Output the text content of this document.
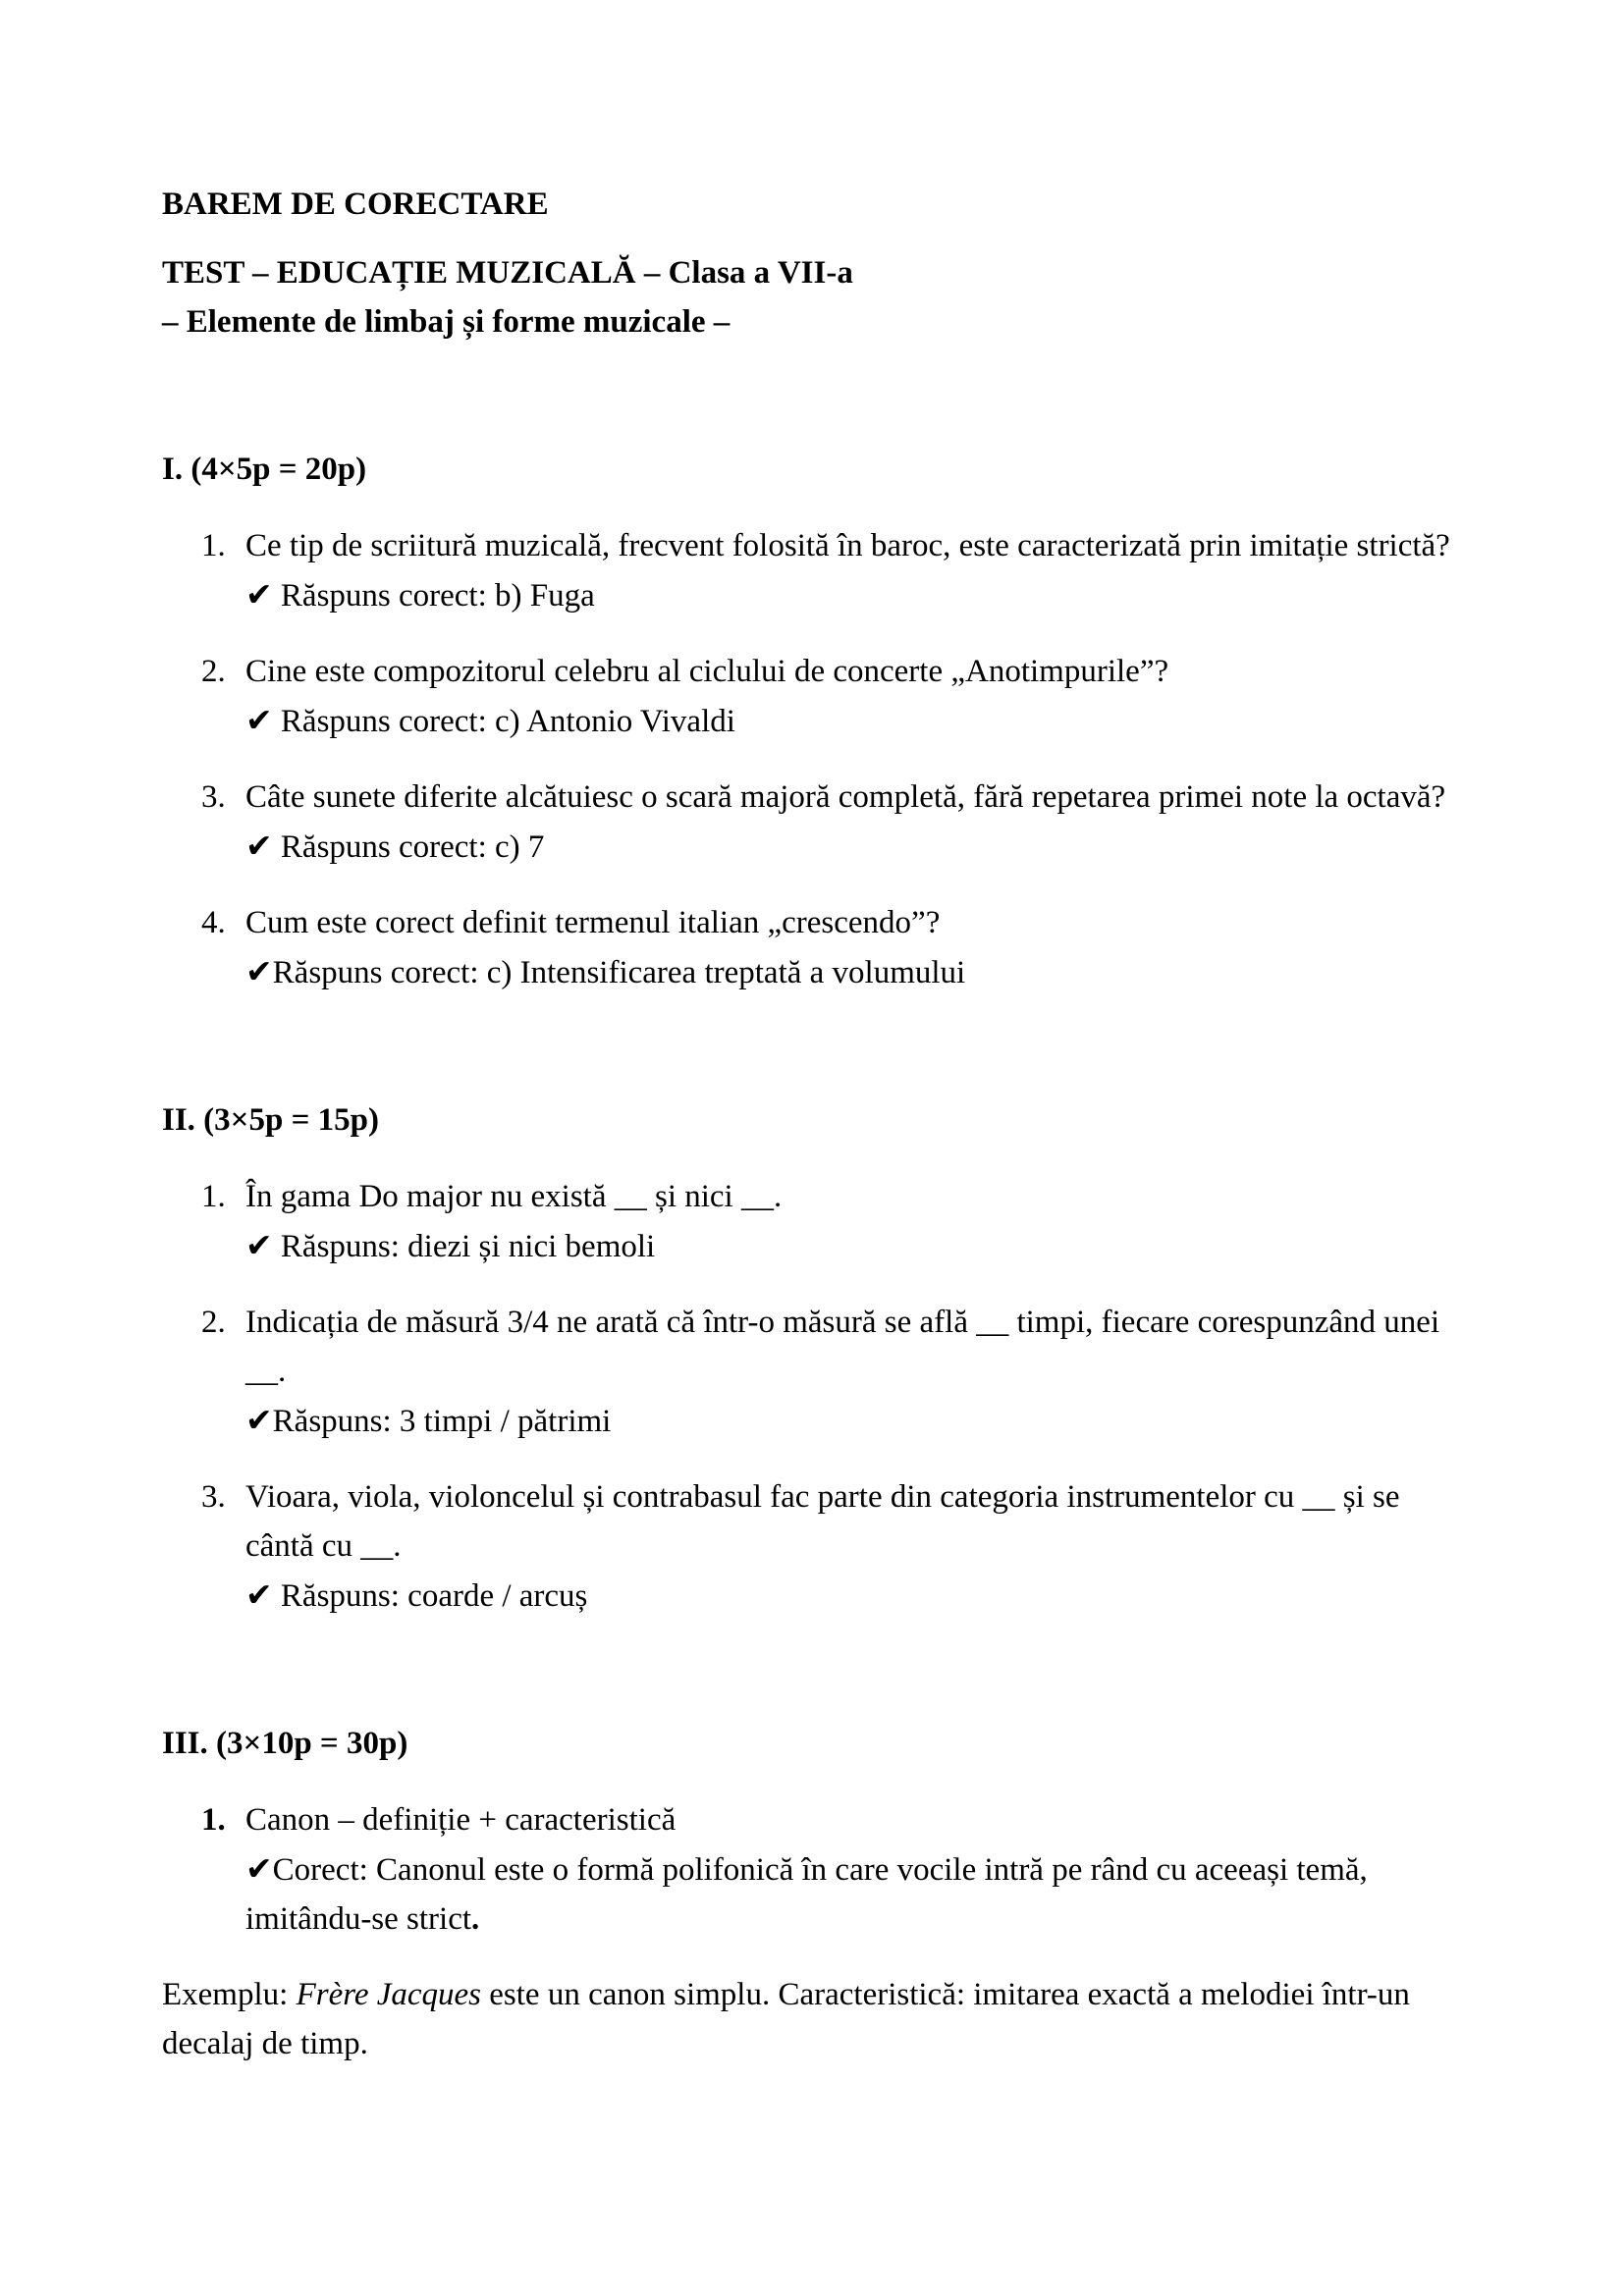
BAREM DE CORECTARE

TEST – EDUCAȚIE MUZICALĂ – Clasa a VII-a
– Elemente de limbaj și forme muzicale –

I. (4×5p = 20p)

1. Ce tip de scriitură muzicală, frecvent folosită în baroc, este caracterizată prin imitație strictă?
✔ Răspuns corect: b) Fuga
2. Cine este compozitorul celebru al ciclului de concerte „Anotimpurile”?
✔ Răspuns corect: c) Antonio Vivaldi
3. Câte sunete diferite alcătuiesc o scară majoră completă, fără repetarea primei note la octavă?
✔ Răspuns corect: c) 7
4. Cum este corect definit termenul italian „crescendo”?
✔Răspuns corect: c) Intensificarea treptată a volumului

II. (3×5p = 15p)

1. În gama Do major nu există __ și nici __.
✔ Răspuns: diezi și nici bemoli
2. Indicația de măsură 3/4 ne arată că într-o măsură se află __ timpi, fiecare corespunzând unei __.
✔Răspuns: 3 timpi / pătrimi
3. Vioara, viola, violoncelul și contrabasul fac parte din categoria instrumentelor cu __ și se cântă cu __.
✔ Răspuns: coarde / arcuș

III. (3×10p = 30p)

1. Canon – definiție + caracteristică
✔Corect: Canonul este o formă polifonică în care vocile intră pe rând cu aceeași temă, imitându-se strict.

Exemplu: Frère Jacques este un canon simplu. Caracteristică: imitarea exactă a melodiei într-un decalaj de timp.
